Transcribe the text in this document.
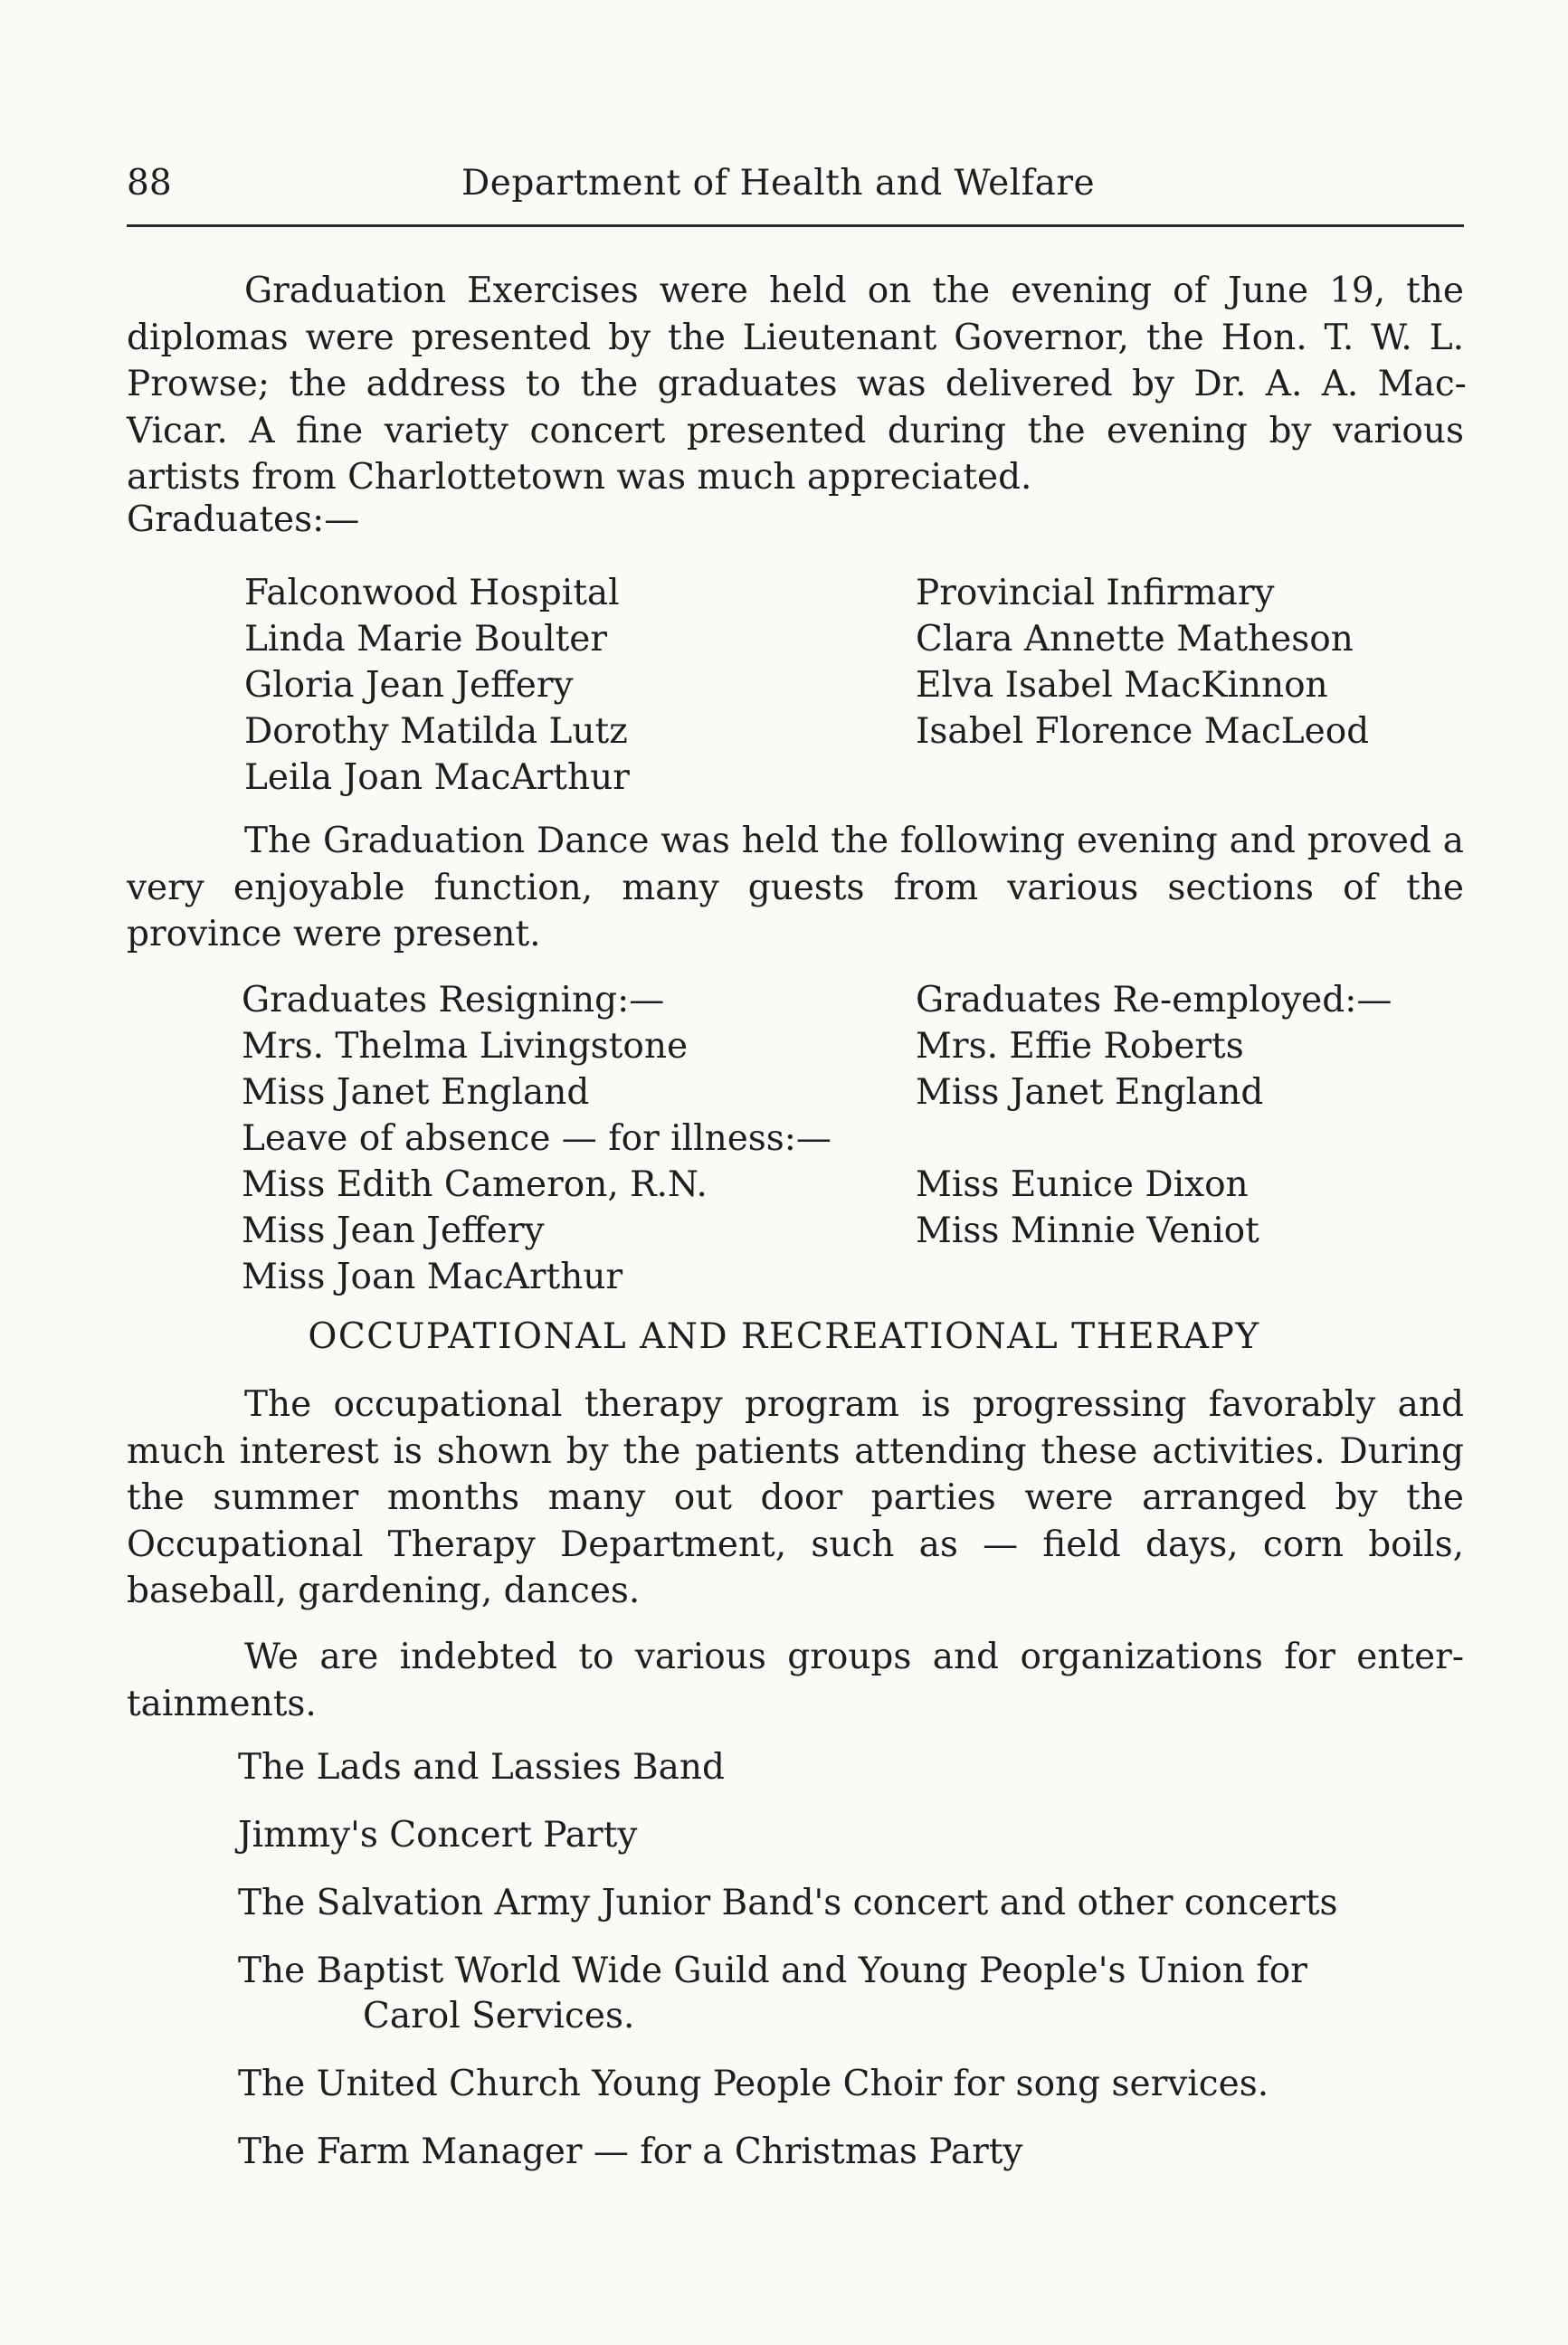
88	Department of Health and Welfare

Graduation Exercises were held on the evening of June 19, the diplomas were presented by the Lieutenant Governor, the Hon. T. W. L. Prowse; the address to the graduates was delivered by Dr. A. A. Mac-Vicar. A fine variety concert presented during the evening by various artists from Charlottetown was much appreciated.

Graduates:—
Falconwood Hospital
Linda Marie Boulter
Gloria Jean Jeffery
Dorothy Matilda Lutz
Leila Joan MacArthur
Provincial Infirmary
Clara Annette Matheson
Elva Isabel MacKinnon
Isabel Florence MacLeod

The Graduation Dance was held the following evening and proved a very enjoyable function, many guests from various sections of the province were present.

Graduates Resigning:—
Mrs. Thelma Livingstone
Miss Janet England
Leave of absence — for illness:—
Miss Edith Cameron, R.N.
Miss Jean Jeffery
Miss Joan MacArthur
Graduates Re-employed:—
Mrs. Effie Roberts
Miss Janet England
Miss Eunice Dixon
Miss Minnie Veniot
OCCUPATIONAL AND RECREATIONAL THERAPY

The occupational therapy program is progressing favorably and much interest is shown by the patients attending these activities. During the summer months many out door parties were arranged by the Occupational Therapy Department, such as — field days, corn boils, baseball, gardening, dances.

We are indebted to various groups and organizations for enter-tainments.

The Lads and Lassies Band
Jimmy's Concert Party
The Salvation Army Junior Band's concert and other concerts
The Baptist World Wide Guild and Young People's Union for
Carol Services.
The United Church Young People Choir for song services.
The Farm Manager — for a Christmas Party
